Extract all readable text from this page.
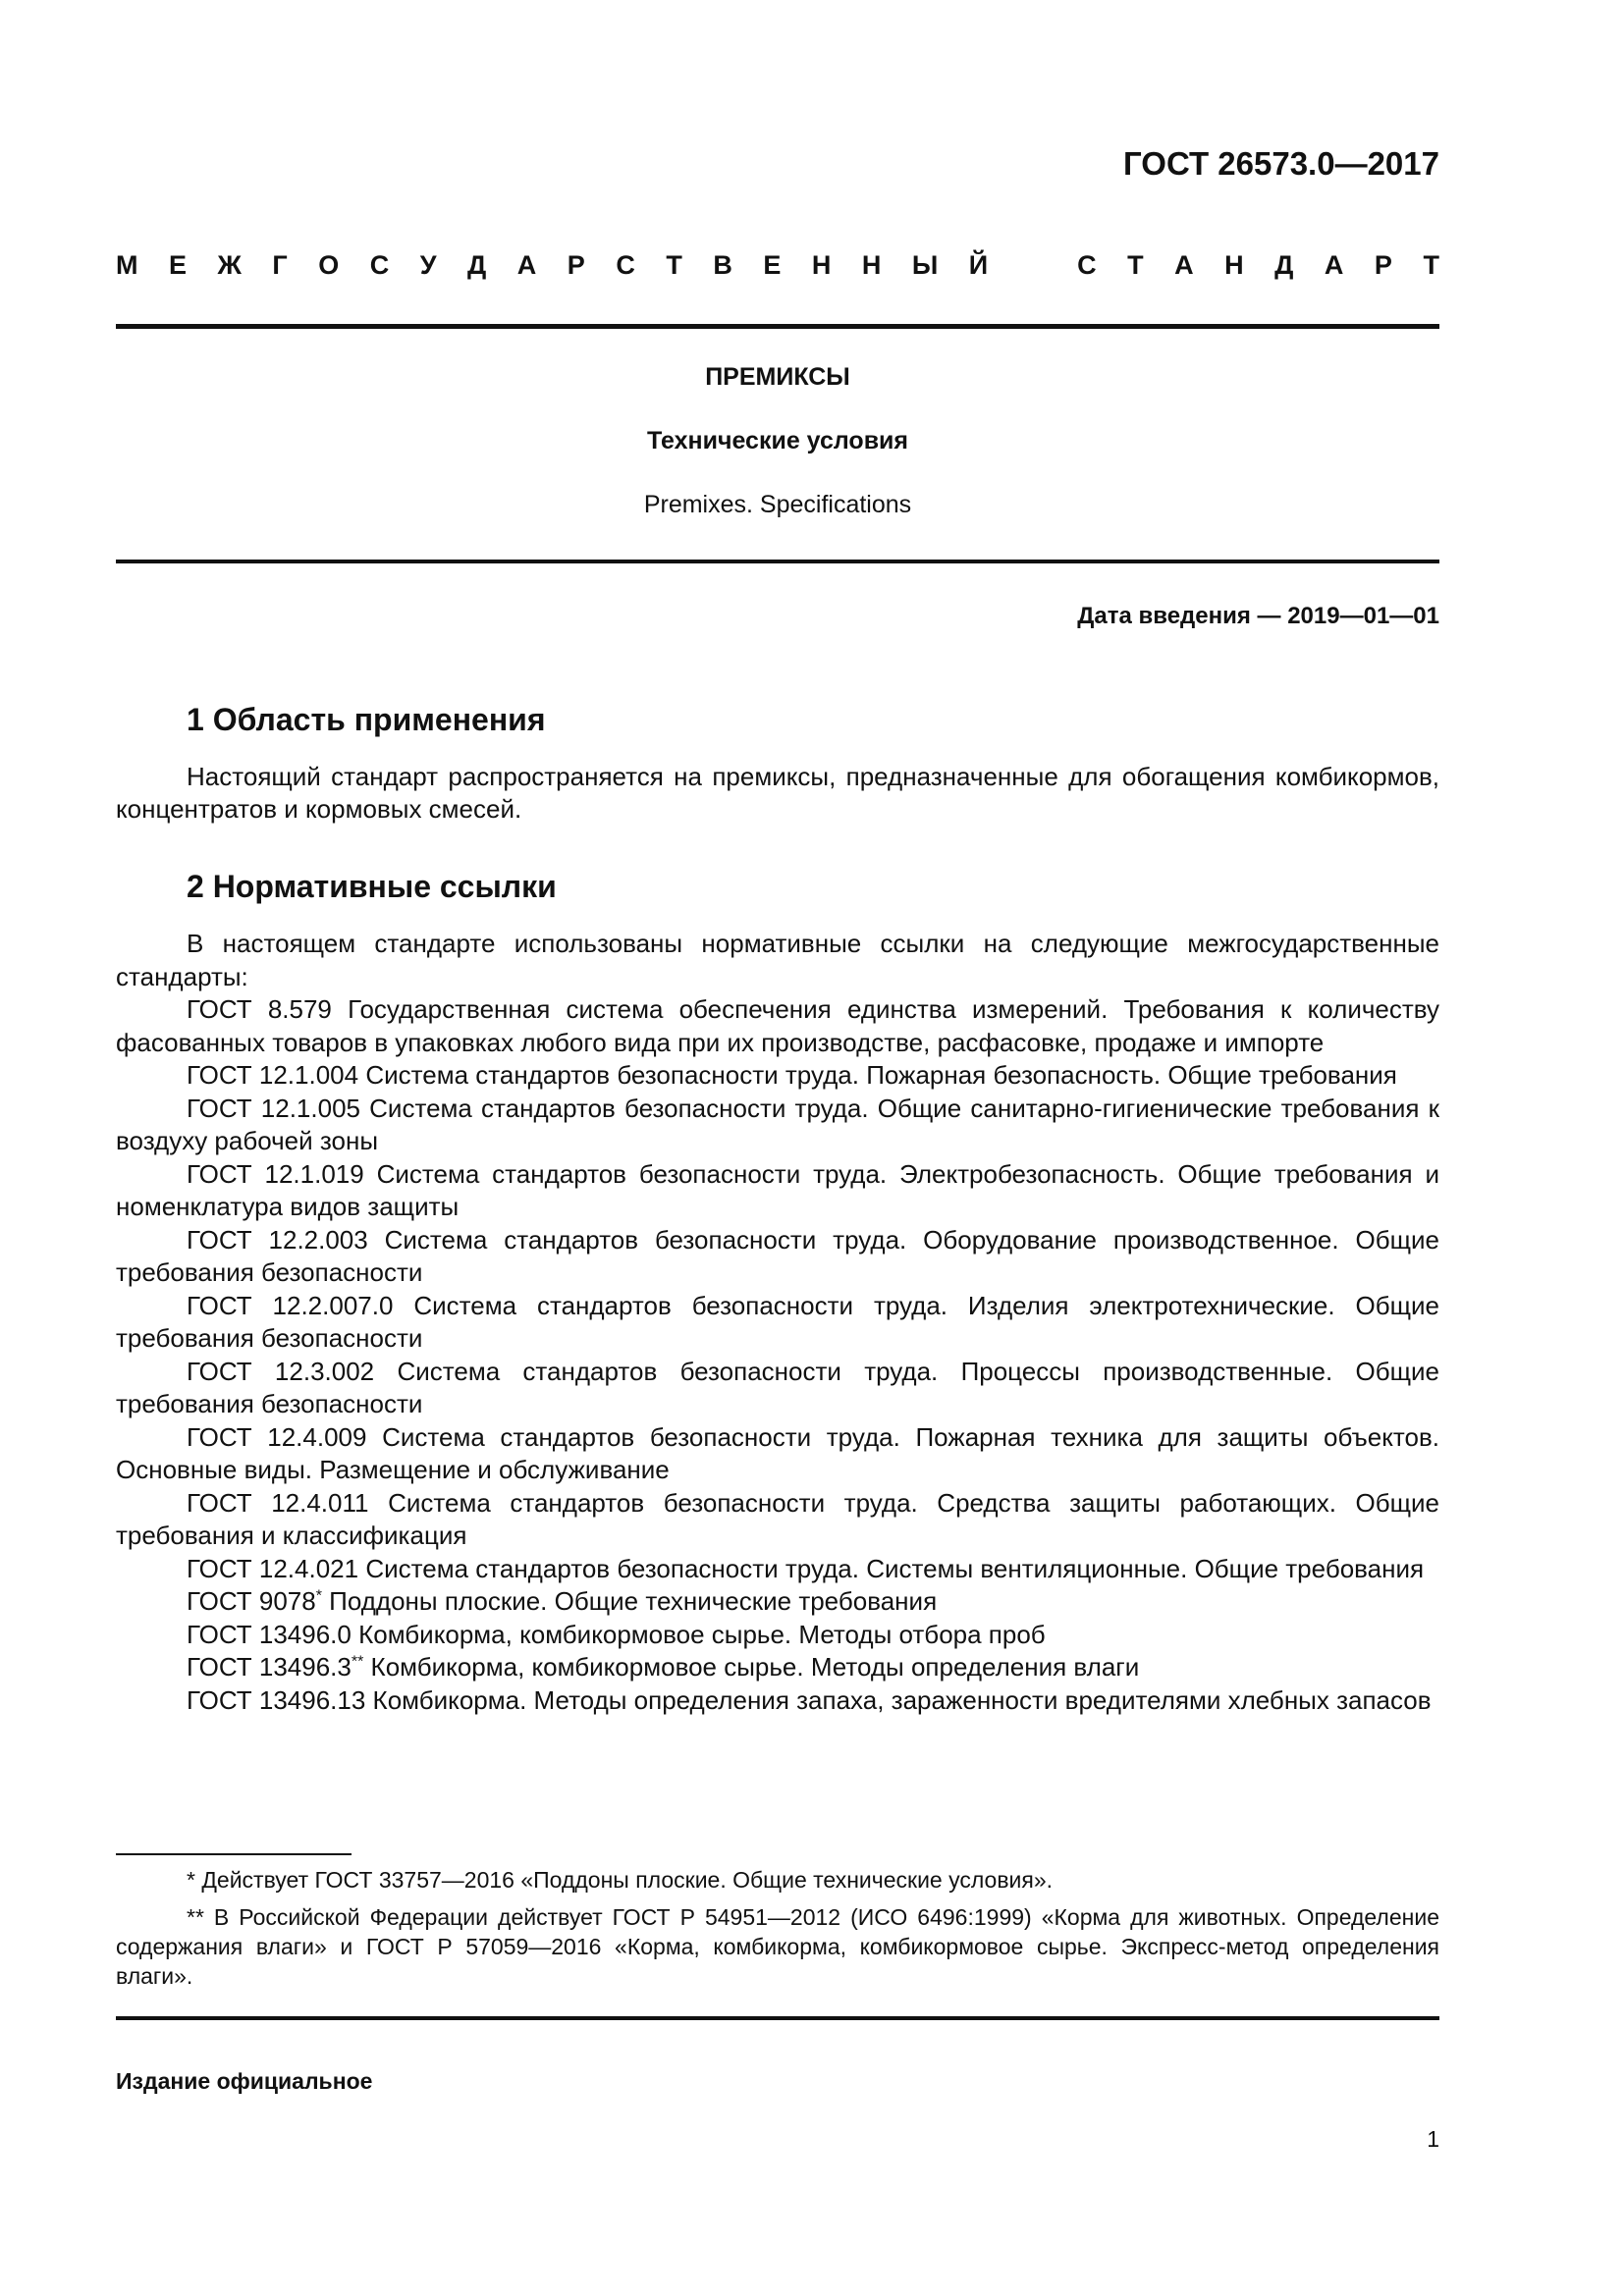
ГОСТ 26573.0—2017
М Е Ж Г О С У Д А Р С Т В Е Н Н Ы Й	С Т А Н Д А Р Т
ПРЕМИКСЫ
Технические условия
Premixes. Specifications
Дата введения — 2019—01—01
1 Область применения

Настоящий стандарт распространяется на премиксы, предназначенные для обогащения комбикормов, концентратов и кормовых смесей.

2 Нормативные ссылки

В настоящем стандарте использованы нормативные ссылки на следующие межгосударственные стандарты:

ГОСТ 8.579 Государственная система обеспечения единства измерений. Требования к количеству фасованных товаров в упаковках любого вида при их производстве, расфасовке, продаже и импорте

ГОСТ 12.1.004 Система стандартов безопасности труда. Пожарная безопасность. Общие требования

ГОСТ 12.1.005 Система стандартов безопасности труда. Общие санитарно-гигиенические требования к воздуху рабочей зоны

ГОСТ 12.1.019 Система стандартов безопасности труда. Электробезопасность. Общие требования и номенклатура видов защиты

ГОСТ 12.2.003 Система стандартов безопасности труда. Оборудование производственное. Общие требования безопасности

ГОСТ 12.2.007.0 Система стандартов безопасности труда. Изделия электротехнические. Общие требования безопасности

ГОСТ 12.3.002 Система стандартов безопасности труда. Процессы производственные. Общие требования безопасности

ГОСТ 12.4.009 Система стандартов безопасности труда. Пожарная техника для защиты объектов. Основные виды. Размещение и обслуживание

ГОСТ 12.4.011 Система стандартов безопасности труда. Средства защиты работающих. Общие требования и классификация

ГОСТ 12.4.021 Система стандартов безопасности труда. Системы вентиляционные. Общие требования

ГОСТ 9078* Поддоны плоские. Общие технические требования

ГОСТ 13496.0 Комбикорма, комбикормовое сырье. Методы отбора проб

ГОСТ 13496.3** Комбикорма, комбикормовое сырье. Методы определения влаги

ГОСТ 13496.13 Комбикорма. Методы определения запаха, зараженности вредителями хлебных запасов

* Действует ГОСТ 33757—2016 «Поддоны плоские. Общие технические условия».

** В Российской Федерации действует ГОСТ Р 54951—2012 (ИСО 6496:1999) «Корма для животных. Определение содержания влаги» и ГОСТ Р 57059—2016 «Корма, комбикорма, комбикормовое сырье. Экспресс-метод определения влаги».

Издание официальное
1
